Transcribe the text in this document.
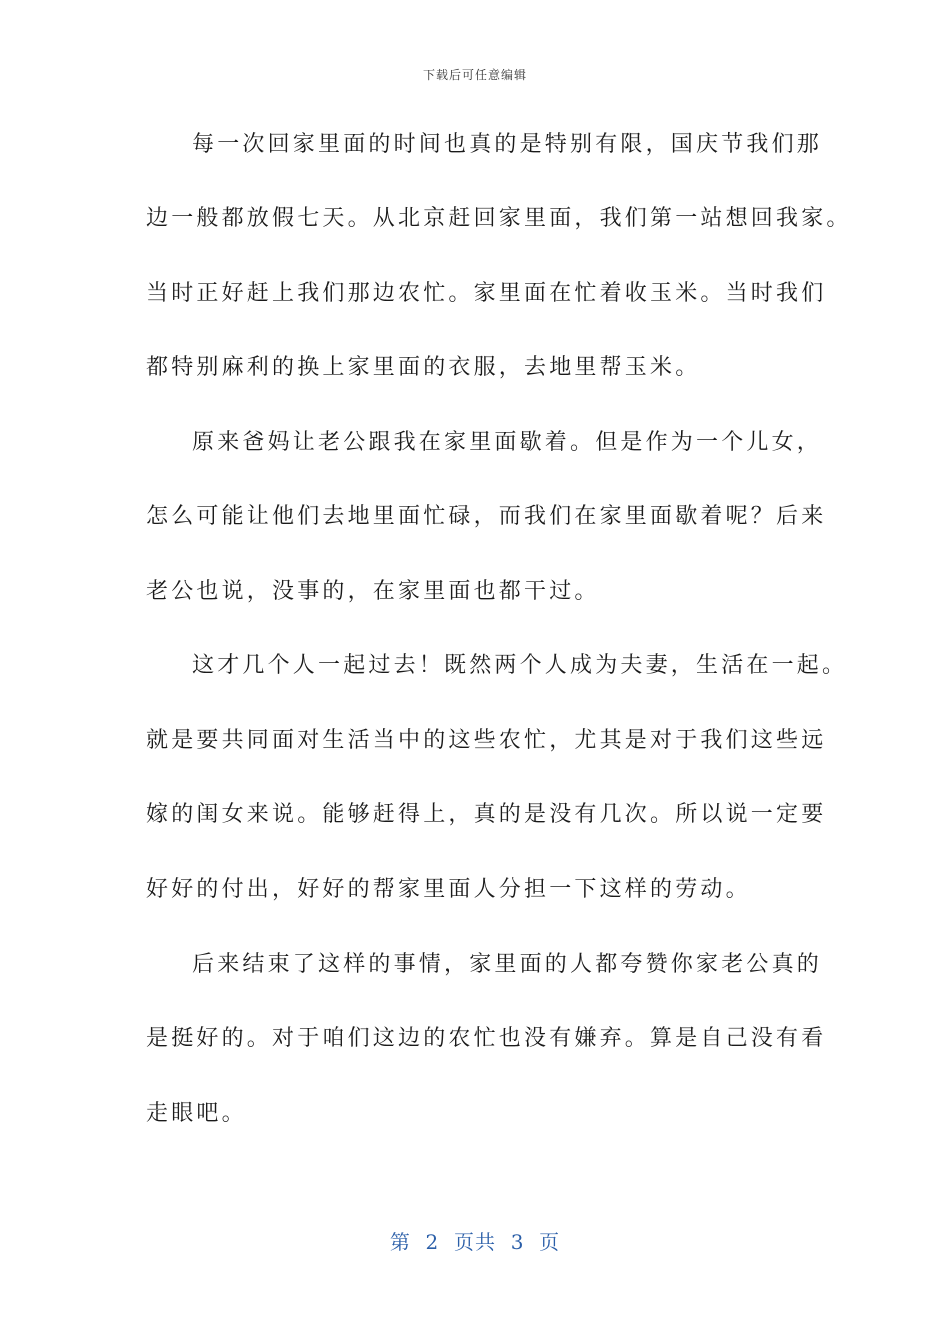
下载后可任意编辑
每一次回家里面的时间也真的是特别有限，国庆节我们那
边一般都放假七天。从北京赶回家里面，我们第一站想回我家。
当时正好赶上我们那边农忙。家里面在忙着收玉米。当时我们
都特别麻利的换上家里面的衣服，去地里帮玉米。
原来爸妈让老公跟我在家里面歇着。但是作为一个儿女，
怎么可能让他们去地里面忙碌，而我们在家里面歇着呢？后来
老公也说，没事的，在家里面也都干过。
这才几个人一起过去！既然两个人成为夫妻，生活在一起。
就是要共同面对生活当中的这些农忙，尤其是对于我们这些远
嫁的闺女来说。能够赶得上，真的是没有几次。所以说一定要
好好的付出，好好的帮家里面人分担一下这样的劳动。
后来结束了这样的事情，家里面的人都夸赞你家老公真的
是挺好的。对于咱们这边的农忙也没有嫌弃。算是自己没有看
走眼吧。
第  2  页共  3  页
